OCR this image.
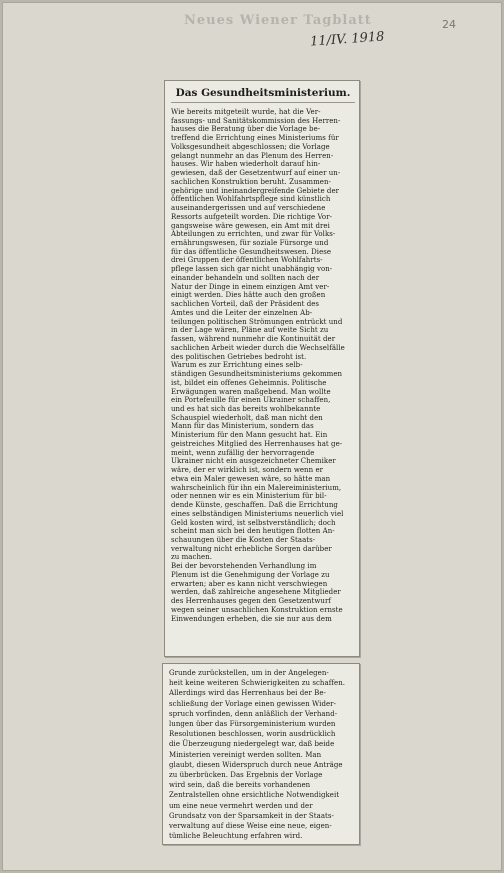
Neues Wiener Tagblatt
11/IV. 1918
24
Das Gesundheitsministerium.

Wie bereits mitgeteilt wurde, hat die Ver-
fassungs- und Sanitätskommission des Herren-
hauses die Beratung über die Vorlage be-
treffend die Errichtung eines Ministeriums für
Volksgesundheit abgeschlossen; die Vorlage
gelangt nunmehr an das Plenum des Herren-
hauses. Wir haben wiederholt darauf hin-
gewiesen, daß der Gesetzentwurf auf einer un-
sachlichen Konstruktion beruht. Zusammen-
gehörige und ineinandergreifende Gebiete der
öffentlichen Wohlfahrtspflege sind künstlich
auseinandergerissen und auf verschiedene
Ressorts aufgeteilt worden. Die richtige Vor-
gangsweise wäre gewesen, ein Amt mit drei
Abteilungen zu errichten, und zwar für Volks-
ernährungswesen, für soziale Fürsorge und
für das öffentliche Gesundheitswesen. Diese
drei Gruppen der öffentlichen Wohlfahrts-
pflege lassen sich gar nicht unabhängig von-
einander behandeln und sollten nach der
Natur der Dinge in einem einzigen Amt ver-
einigt werden. Dies hätte auch den großen
sachlichen Vorteil, daß der Präsident des
Amtes und die Leiter der einzelnen Ab-
teilungen politischen Strömungen entrückt und
in der Lage wären, Pläne auf weite Sicht zu
fassen, während nunmehr die Kontinuität der
sachlichen Arbeit wieder durch die Wechselfälle
des politischen Getriebes bedroht ist.
Warum es zur Errichtung eines selb-
ständigen Gesundheitsministeriums gekommen
ist, bildet ein offenes Geheimnis. Politische
Erwägungen waren maßgebend. Man wollte
ein Portefeuille für einen Ukrainer schaffen,
und es hat sich das bereits wohlbekannte
Schauspiel wiederholt, daß man nicht den
Mann für das Ministerium, sondern das
Ministerium für den Mann gesucht hat. Ein
geistreiches Mitglied des Herrenhauses hat ge-
meint, wenn zufällig der hervorragende
Ukrainer nicht ein ausgezeichneter Chemiker
wäre, der er wirklich ist, sondern wenn er
etwa ein Maler gewesen wäre, so hätte man
wahrscheinlich für ihn ein Malereiministerium,
oder nennen wir es ein Ministerium für bil-
dende Künste, geschaffen. Daß die Errichtung
eines selbständigen Ministeriums neuerlich viel
Geld kosten wird, ist selbstverständlich; doch
scheint man sich bei den heutigen flotten An-
schauungen über die Kosten der Staats-
verwaltung nicht erhebliche Sorgen darüber
zu machen.
Bei der bevorstehenden Verhandlung im
Plenum ist die Genehmigung der Vorlage zu
erwarten; aber es kann nicht verschwiegen
werden, daß zahlreiche angesehene Mitglieder
des Herrenhauses gegen den Gesetzentwurf
wegen seiner unsachlichen Konstruktion ernste
Einwendungen erheben, die sie nur aus dem

Grunde zurückstellen, um in der Angelegen-
heit keine weiteren Schwierigkeiten zu schaffen.
Allerdings wird das Herrenhaus bei der Be-
schließung der Vorlage einen gewissen Wider-
spruch vorfinden, denn anläßlich der Verhand-
lungen über das Fürsorgeministerium wurden
Resolutionen beschlossen, worin ausdrücklich
die Überzeugung niedergelegt war, daß beide
Ministerien vereinigt werden sollten. Man
glaubt, diesen Widerspruch durch neue Anträge
zu überbrücken. Das Ergebnis der Vorlage
wird sein, daß die bereits vorhandenen
Zentralstellen ohne ersichtliche Notwendigkeit
um eine neue vermehrt werden und der
Grundsatz von der Sparsamkeit in der Staats-
verwaltung auf diese Weise eine neue, eigen-
tümliche Beleuchtung erfahren wird.
